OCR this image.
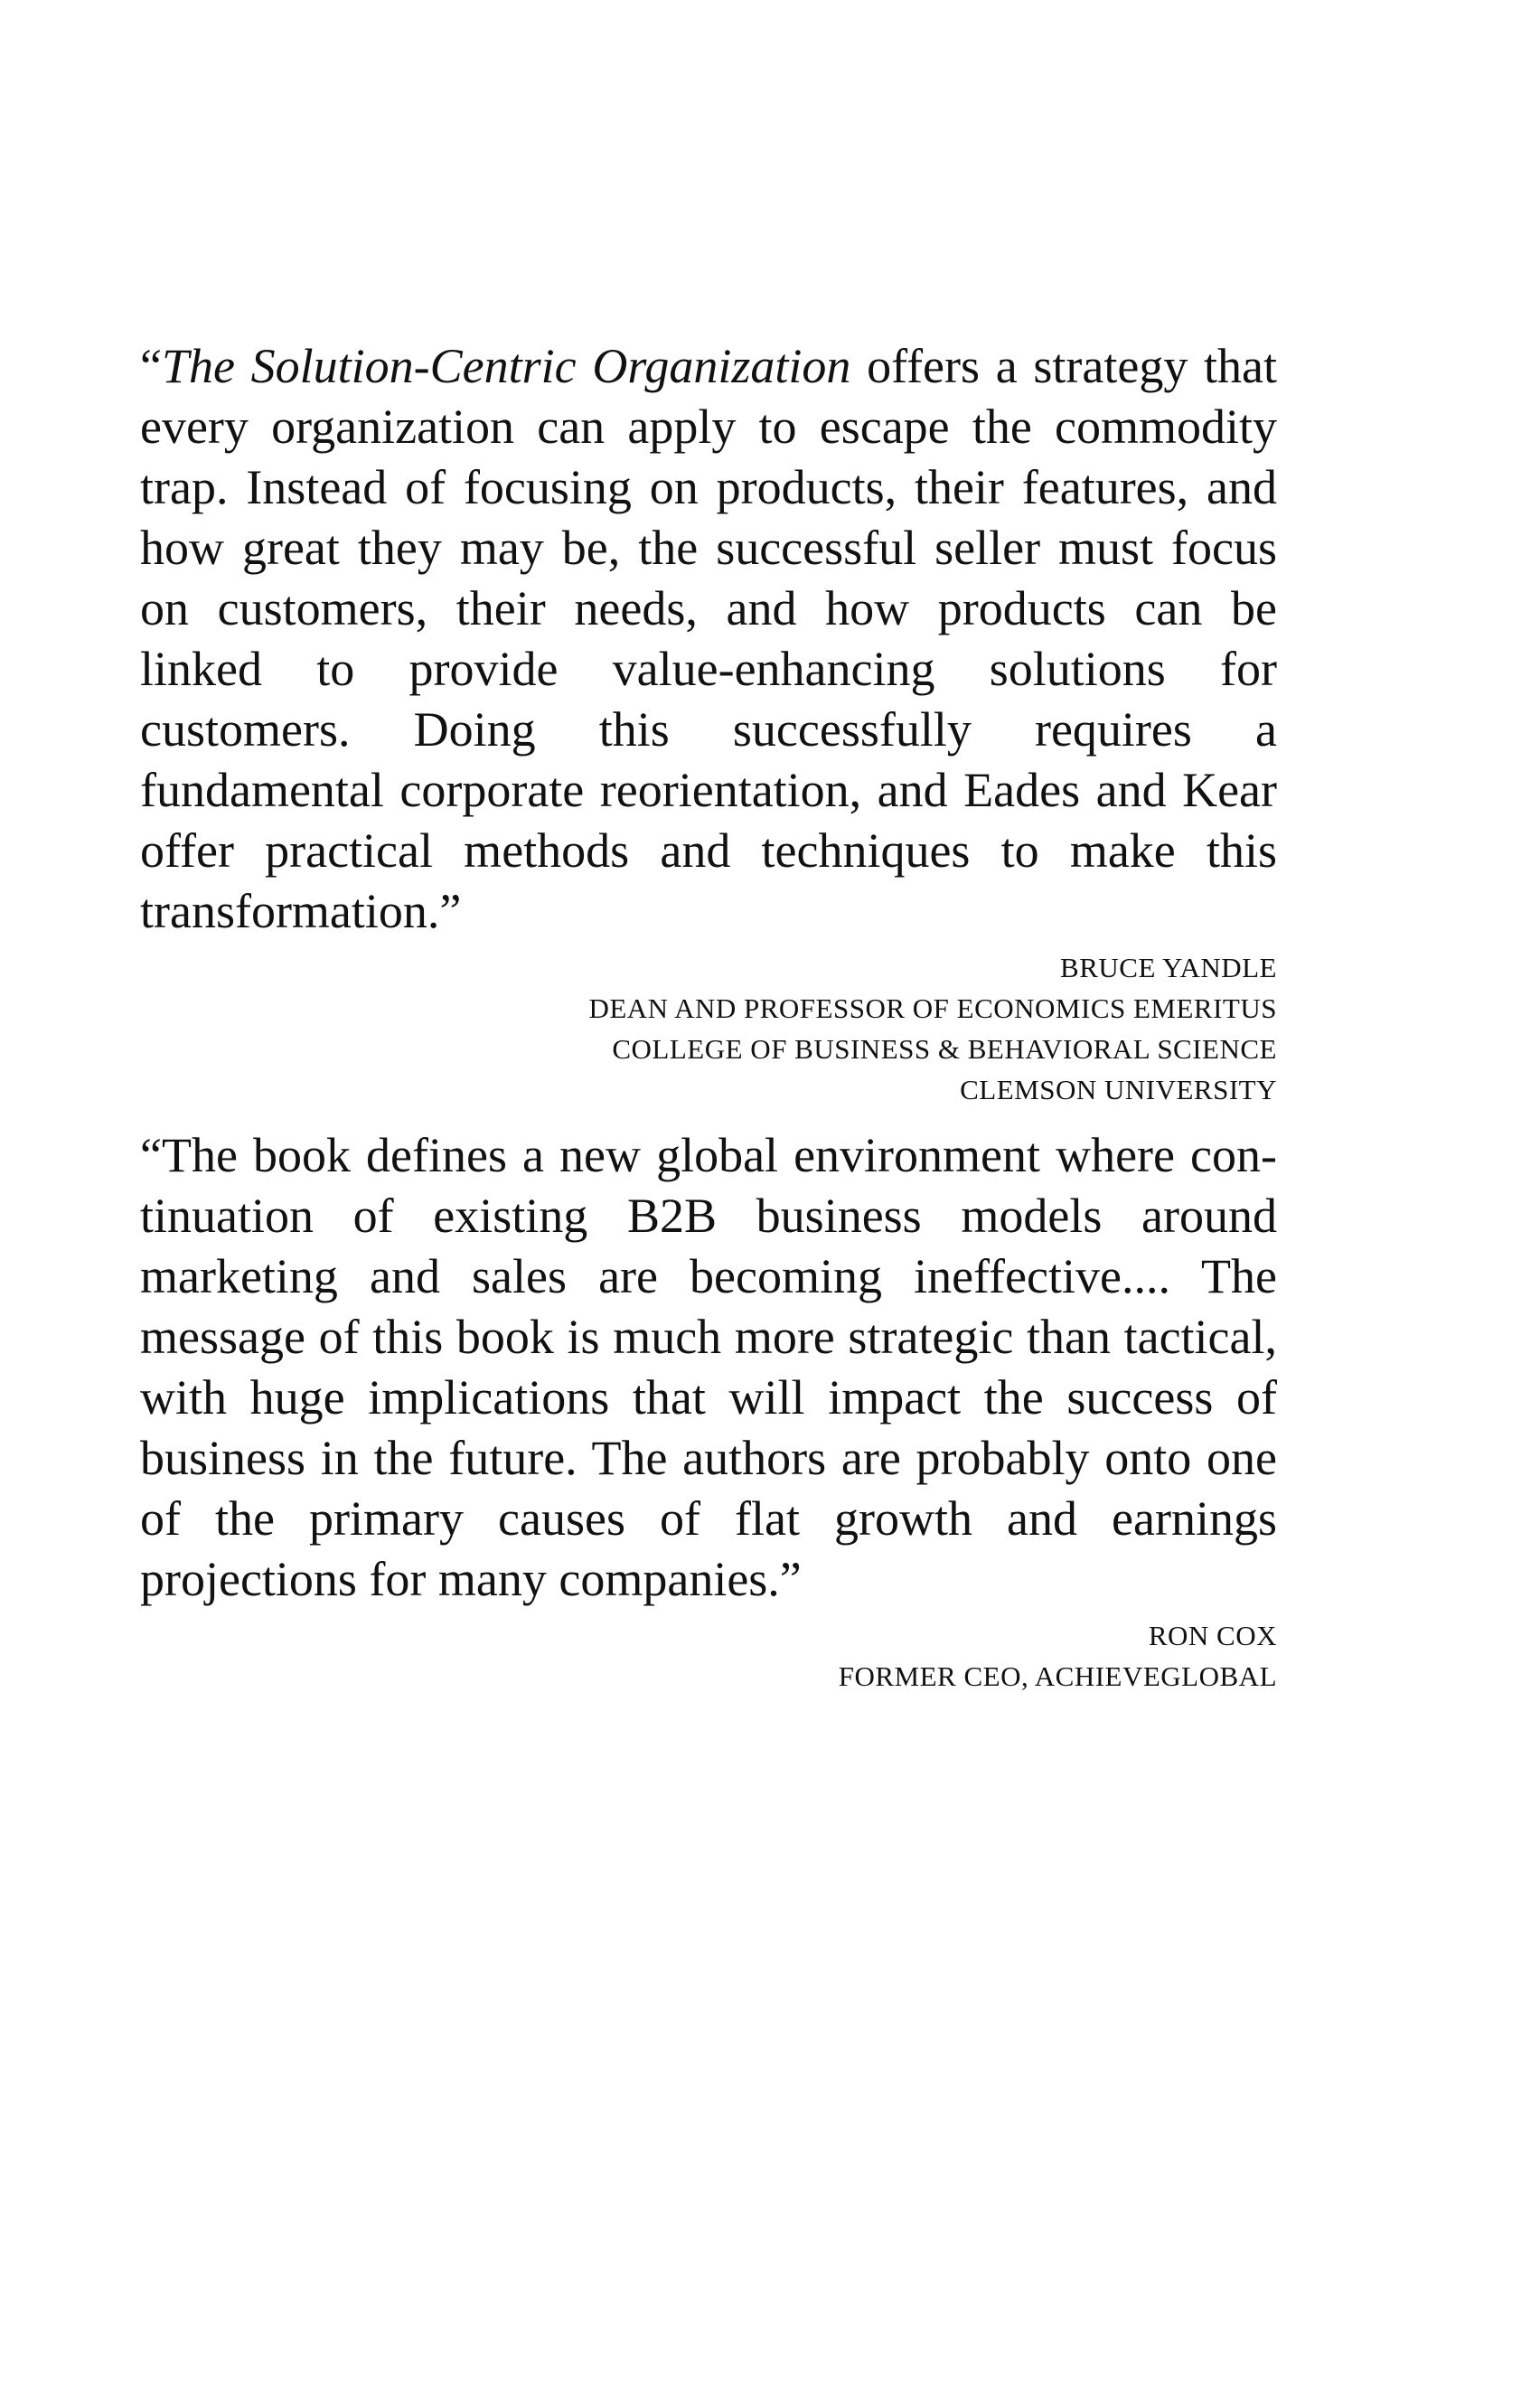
“The Solution-Centric Organization offers a strategy that every organization can apply to escape the commodity trap. Instead of focusing on products, their features, and how great they may be, the successful seller must focus on customers, their needs, and how products can be linked to provide value-enhancing solutions for customers. Doing this successfully requires a fundamental corporate reorientation, and Eades and Kear offer practical methods and techniques to make this transformation.”

BRUCE YANDLE
DEAN AND PROFESSOR OF ECONOMICS EMERITUS
COLLEGE OF BUSINESS & BEHAVIORAL SCIENCE
CLEMSON UNIVERSITY

“The book defines a new global environment where continuation of existing B2B business models around marketing and sales are becoming ineffective.... The message of this book is much more strategic than tactical, with huge implications that will impact the success of business in the future. The authors are probably onto one of the primary causes of flat growth and earnings projections for many companies.”

RON COX
FORMER CEO, ACHIEVEGLOBAL
